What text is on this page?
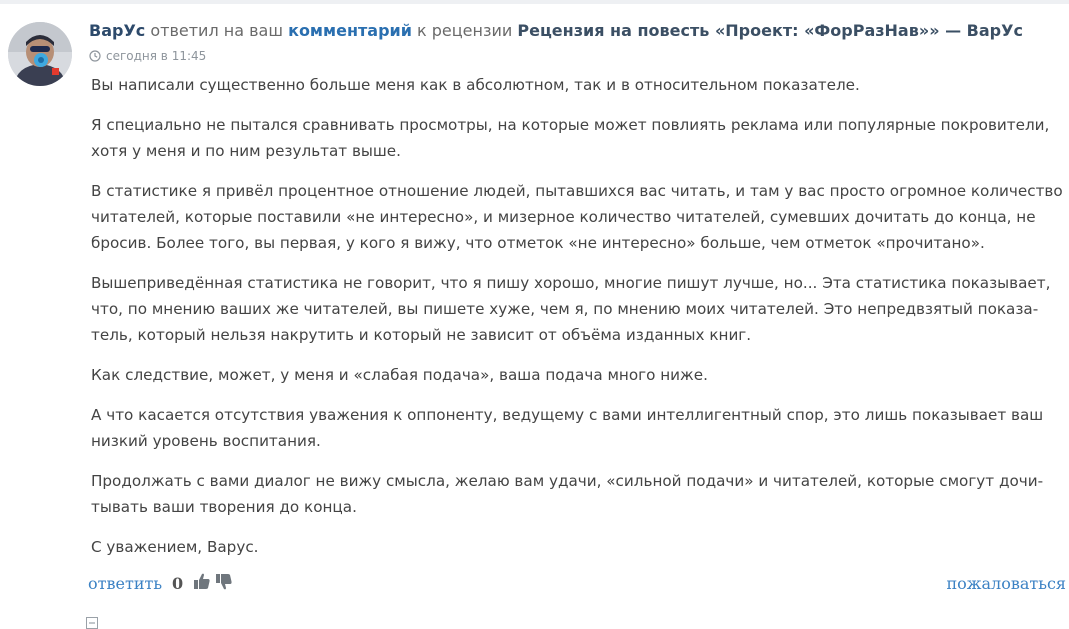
ВарУс ответил на ваш комментарий к рецензии Рецензия на повесть «Проект: «ФорРазНав»» — ВарУс
сегодня в 11:45

Вы написали существенно больше меня как в абсолютном, так и в относительном показателе.

Я специально не пытался сравнивать просмотры, на которые может повлиять реклама или популярные покровители, хотя у меня и по ним результат выше.

В статистике я привёл процентное отношение людей, пытавшихся вас читать, и там у вас просто огромное количество читателей, которые поставили «не интересно», и мизерное количество читателей, сумевших дочитать до конца, не бросив. Более того, вы первая, у кого я вижу, что отметок «не интересно» больше, чем отметок «прочитано».

Вышеприведённая статистика не говорит, что я пишу хорошо, многие пишут лучше, но... Эта статистика показывает, что, по мнению ваших же читателей, вы пишете хуже, чем я, по мнению моих читателей. Это непредвзятый показатель, который нельзя накрутить и который не зависит от объёма изданных книг.

Как следствие, может, у меня и «слабая подача», ваша подача много ниже.

А что касается отсутствия уважения к оппоненту, ведущему с вами интеллигентный спор, это лишь показывает ваш низкий уровень воспитания.

Продолжать с вами диалог не вижу смысла, желаю вам удачи, «сильной подачи» и читателей, которые смогут дочитывать ваши творения до конца.

С уважением, Варус.

ответить 0	пожаловаться
